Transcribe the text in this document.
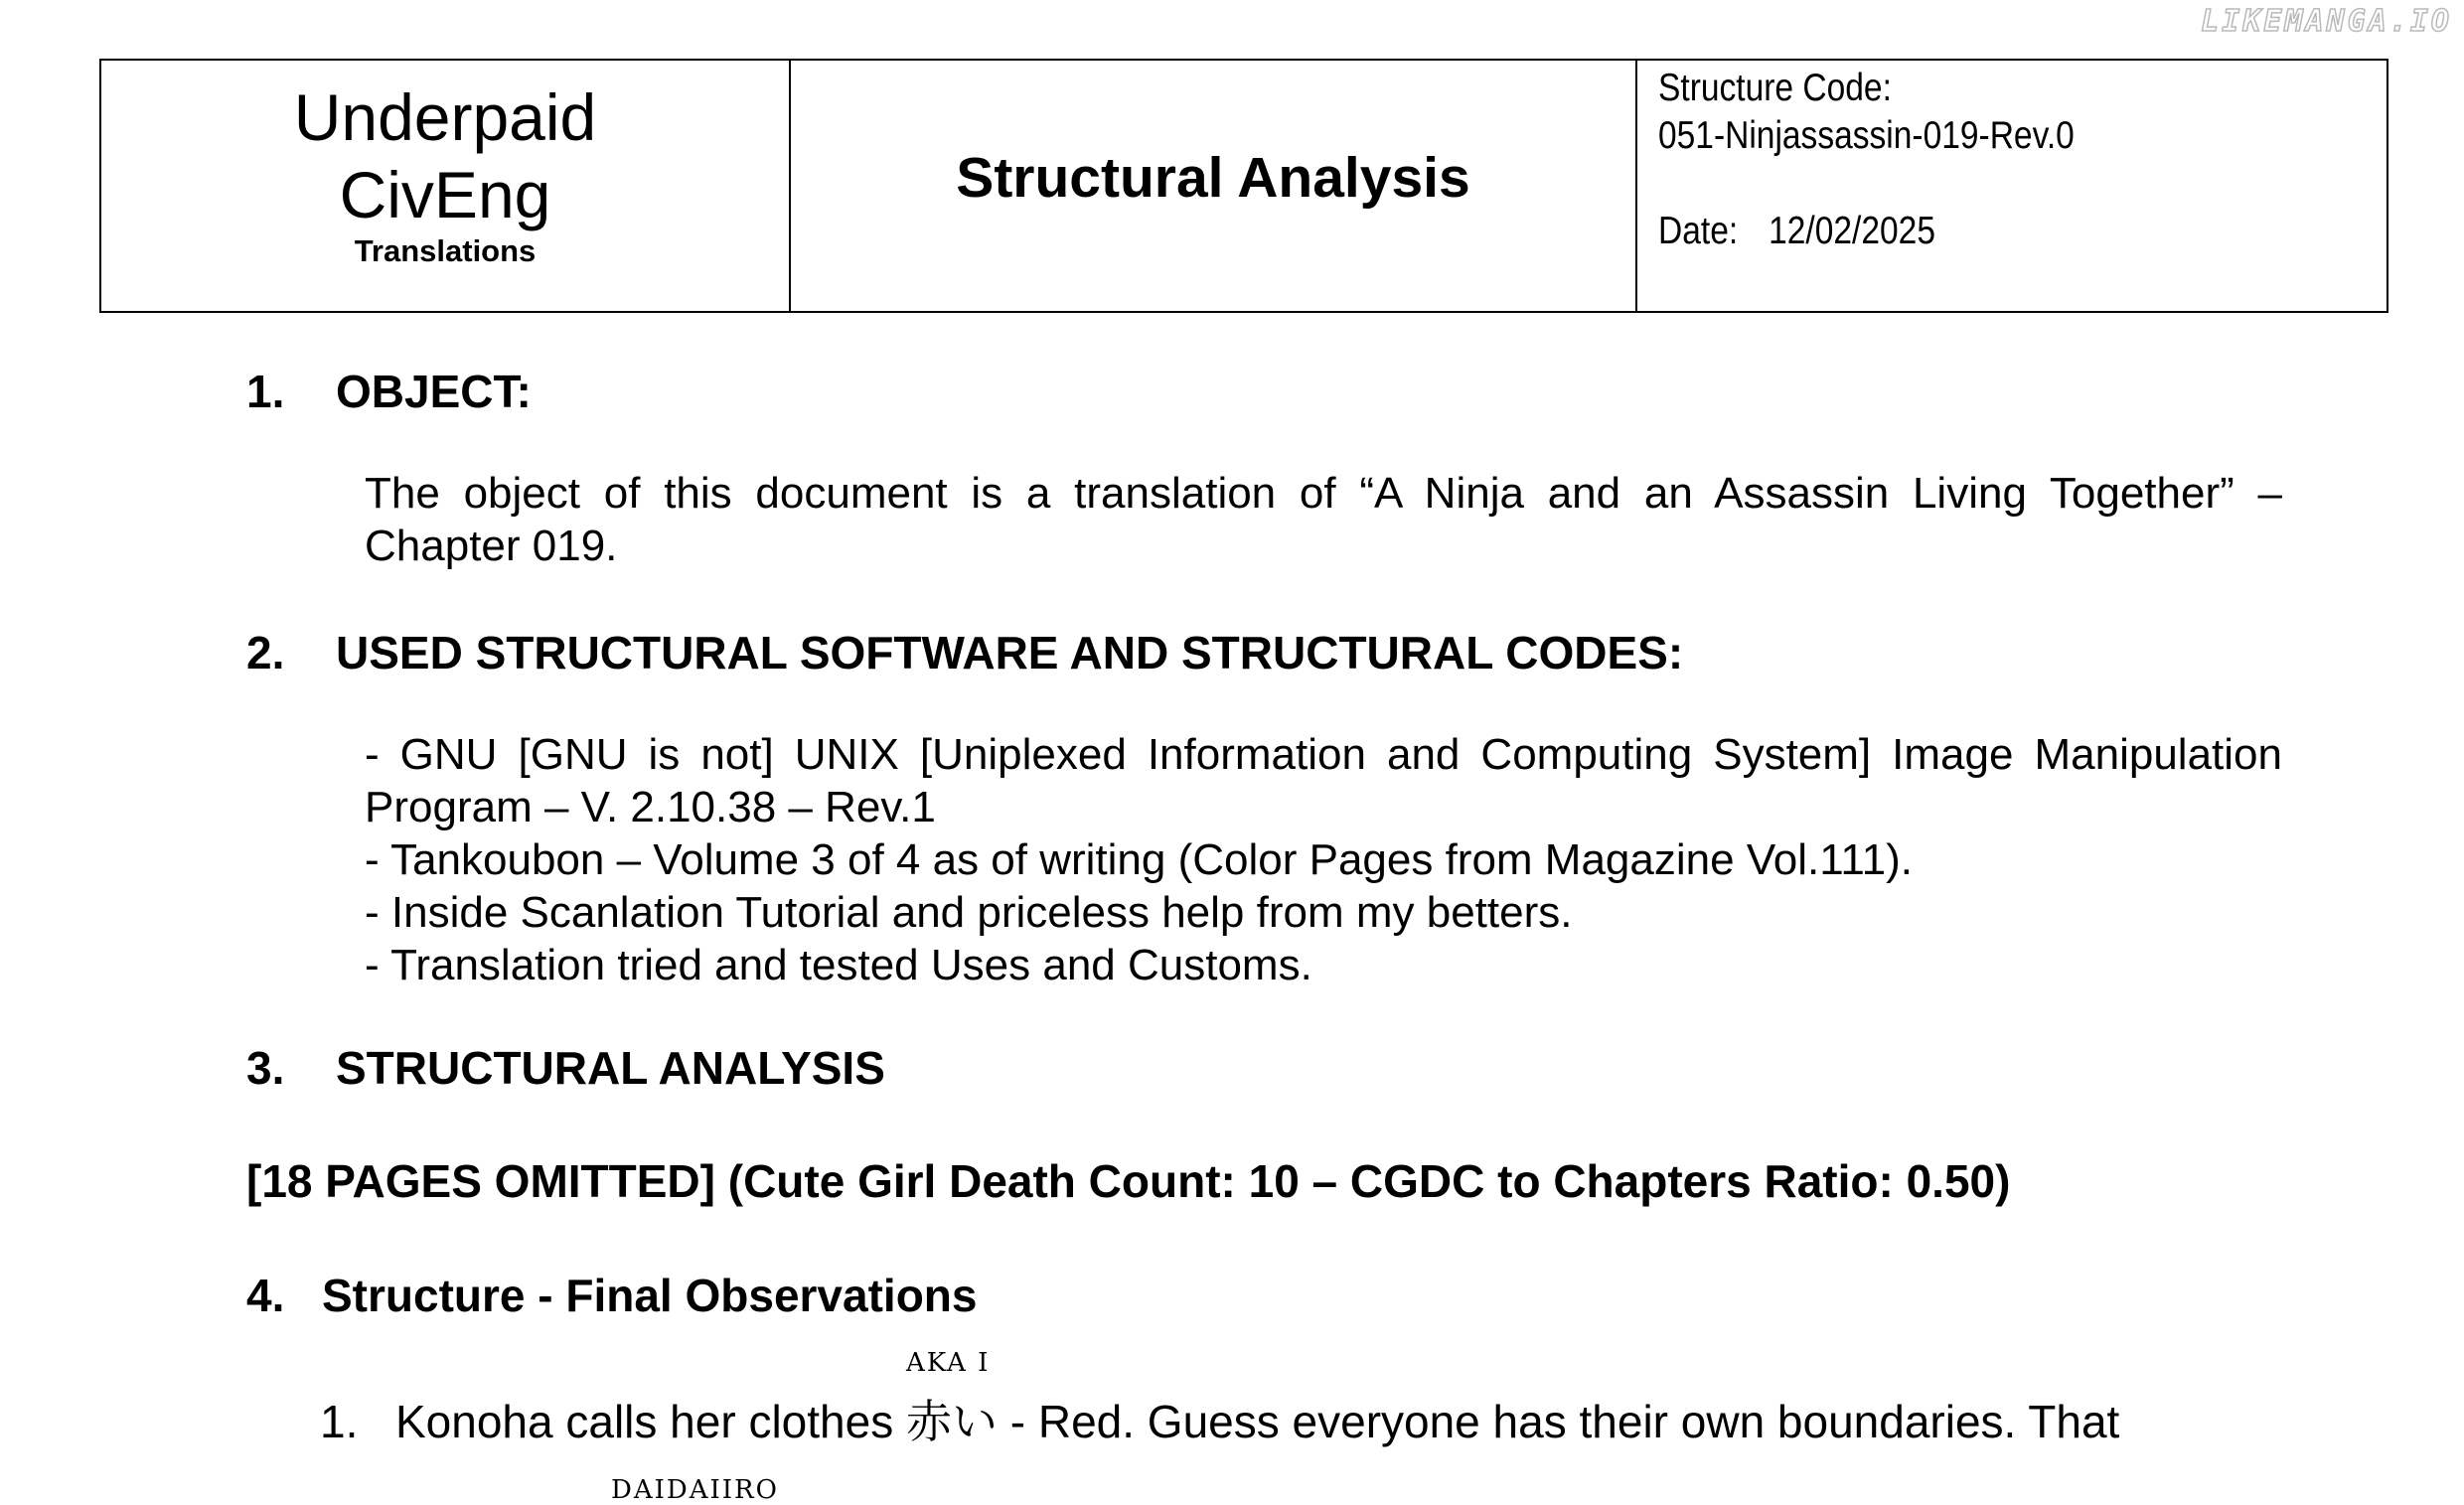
LIKEMANGA.IO
Underpaid
CivEng
Translations
Structural Analysis
Structure Code:
051-Ninjassassin-019-Rev.0
Date: 12/02/2025
1. OBJECT:
The object of this document is a translation of “A Ninja and an Assassin Living Together” –
Chapter 019.
2. USED STRUCTURAL SOFTWARE AND STRUCTURAL CODES:
- GNU [GNU is not] UNIX [Uniplexed Information and Computing System] Image Manipulation
Program – V. 2.10.38 – Rev.1
- Tankoubon – Volume 3 of 4 as of writing (Color Pages from Magazine Vol.111).
- Inside Scanlation Tutorial and priceless help from my betters.
- Translation tried and tested Uses and Customs.
3. STRUCTURAL ANALYSIS
[18 PAGES OMITTED] (Cute Girl Death Count: 10 – CGDC to Chapters Ratio: 0.50)
4. Structure - Final Observations
1. Konoha calls her clothes
AKA I
赤い - Red. Guess everyone has their own boundaries. That
DAIDAIIRO
